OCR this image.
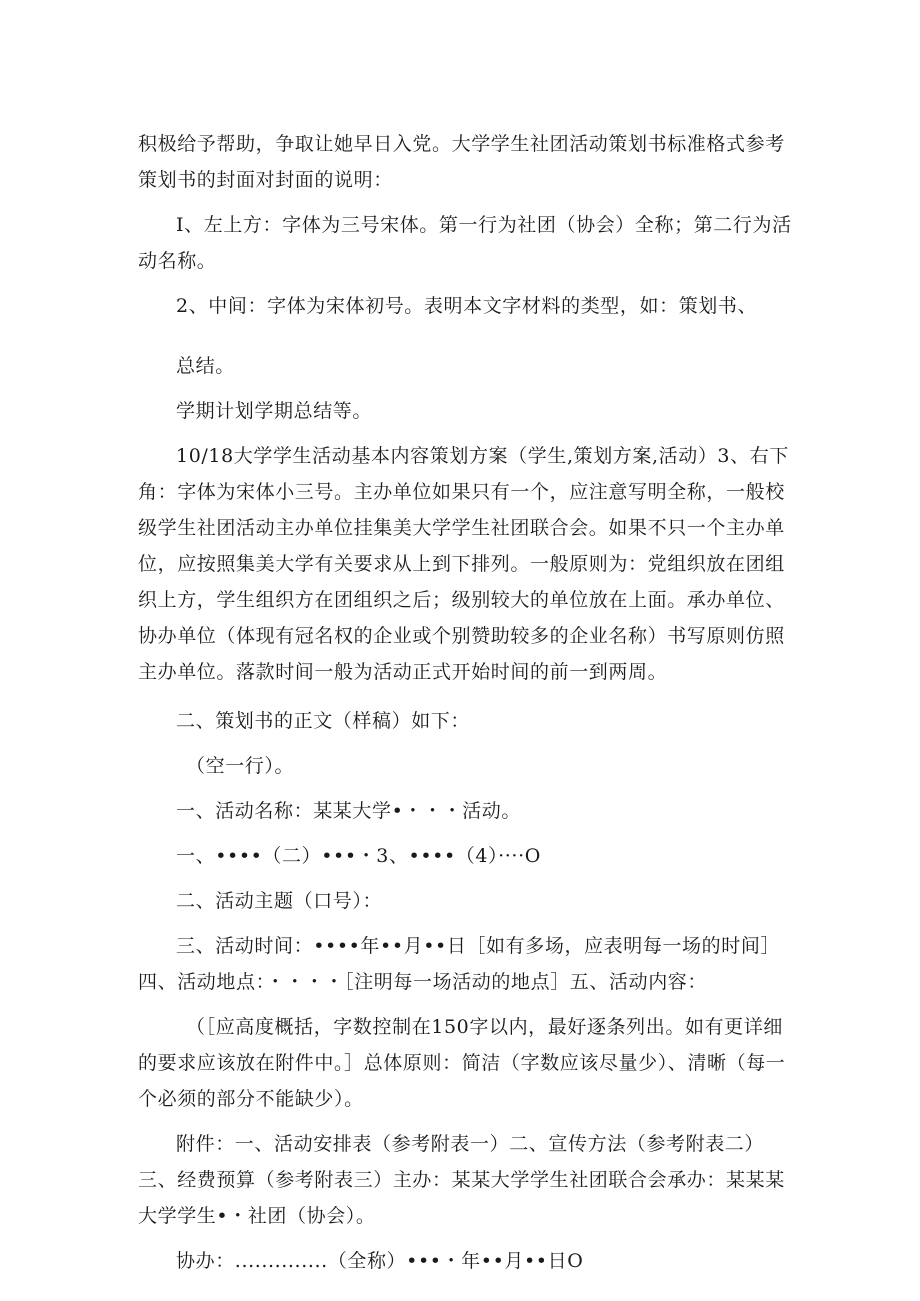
积极给予帮助，争取让她早日入党。大学学生社团活动策划书标准格式参考策划书的封面对封面的说明：

I、左上方：字体为三号宋体。第一行为社团（协会）全称；第二行为活动名称。

2、中间：字体为宋体初号。表明本文字材料的类型，如：策划书、

总结。

学期计划学期总结等。

10/18大学学生活动基本内容策划方案（学生,策划方案,活动）3、右下角：字体为宋体小三号。主办单位如果只有一个，应注意写明全称，一般校级学生社团活动主办单位挂集美大学学生社团联合会。如果不只一个主办单位，应按照集美大学有关要求从上到下排列。一般原则为：党组织放在团组织上方，学生组织方在团组织之后；级别较大的单位放在上面。承办单位、协办单位（体现有冠名权的企业或个别赞助较多的企业名称）书写原则仿照主办单位。落款时间一般为活动正式开始时间的前一到两周。

二、策划书的正文（样稿）如下：

（空一行）。

一、活动名称：某某大学•・・・活动。

一、••••（二）•••・3、••••（4）····O

二、活动主题（口号）：

三、活动时间：••••年••月••日［如有多场，应表明每一场的时间］四、活动地点：・・・・［注明每一场活动的地点］五、活动内容：

（［应高度概括，字数控制在150字以内，最好逐条列出。如有更详细的要求应该放在附件中。］总体原则：简洁（字数应该尽量少）、清晰（每一个必须的部分不能缺少）。

附件：一、活动安排表（参考附表一）二、宣传方法（参考附表二）三、经费预算（参考附表三）主办：某某大学学生社团联合会承办：某某某大学学生•・社团（协会）。

协办：..............（全称）•••・年••月••日O
